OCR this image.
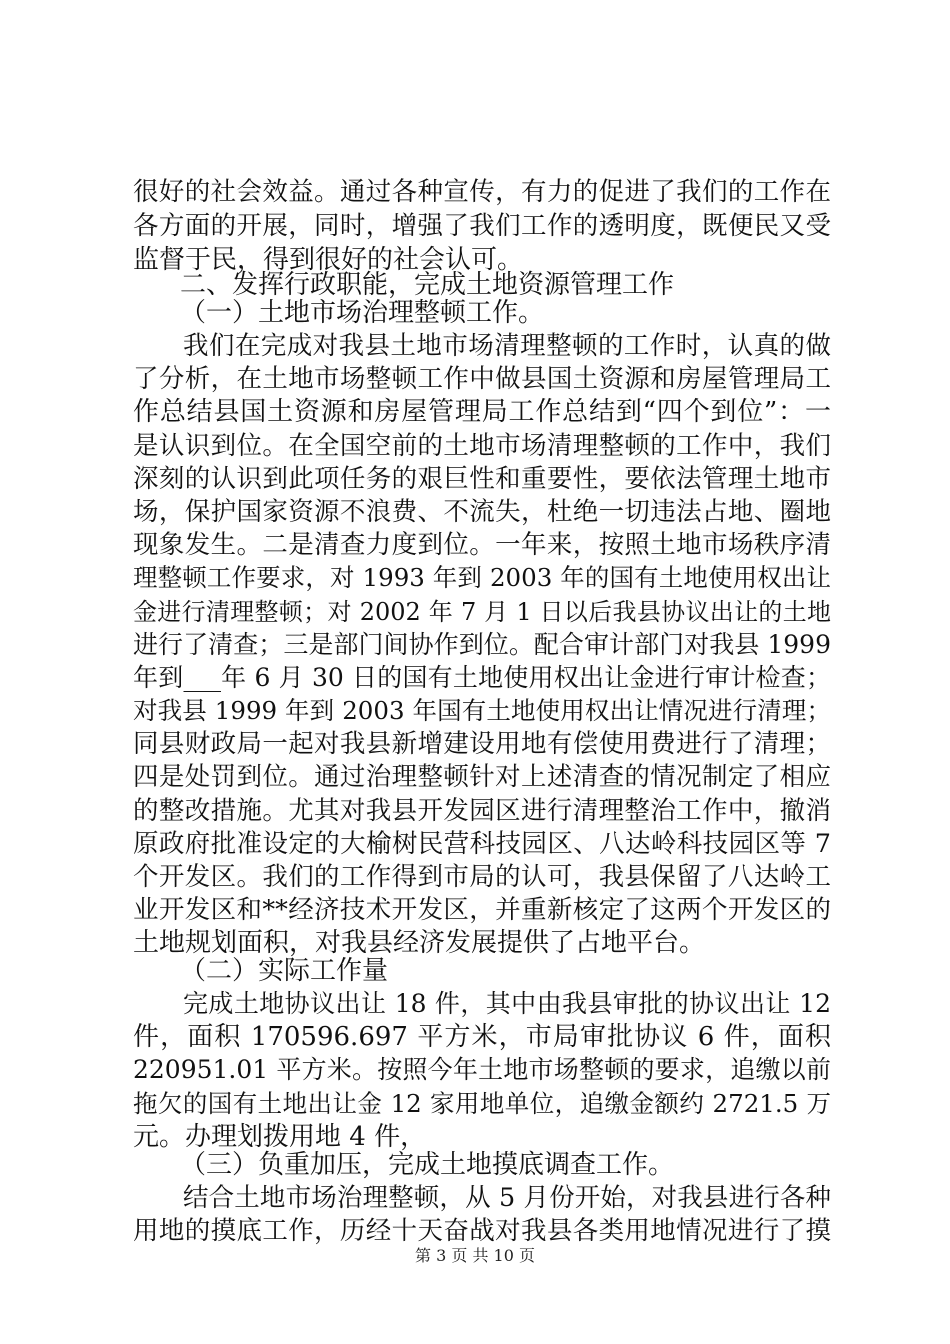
很好的社会效益。通过各种宣传，有力的促进了我们的工作在
各方面的开展，同时，增强了我们工作的透明度，既便民又受
监督于民，得到很好的社会认可。
二、发挥行政职能，完成土地资源管理工作
（一）土地市场治理整顿工作。
我们在完成对我县土地市场清理整顿的工作时，认真的做
了分析，在土地市场整顿工作中做县国土资源和房屋管理局工
作总结县国土资源和房屋管理局工作总结到“四个到位”：一
是认识到位。在全国空前的土地市场清理整顿的工作中，我们
深刻的认识到此项任务的艰巨性和重要性，要依法管理土地市
场，保护国家资源不浪费、不流失，杜绝一切违法占地、圈地
现象发生。二是清查力度到位。一年来，按照土地市场秩序清
理整顿工作要求，对 1993 年到 2003 年的国有土地使用权出让
金进行清理整顿；对 2002 年 7 月 1 日以后我县协议出让的土地
进行了清查；三是部门间协作到位。配合审计部门对我县 1999
年到___年 6 月 30 日的国有土地使用权出让金进行审计检查；
对我县 1999 年到 2003 年国有土地使用权出让情况进行清理；
同县财政局一起对我县新增建设用地有偿使用费进行了清理；
四是处罚到位。通过治理整顿针对上述清查的情况制定了相应
的整改措施。尤其对我县开发园区进行清理整治工作中，撤消
原政府批准设定的大榆树民营科技园区、八达岭科技园区等 7
个开发区。我们的工作得到市局的认可，我县保留了八达岭工
业开发区和**经济技术开发区，并重新核定了这两个开发区的
土地规划面积，对我县经济发展提供了占地平台。
（二）实际工作量
完成土地协议出让 18 件，其中由我县审批的协议出让 12
件，面积 170596.697 平方米，市局审批协议 6 件，面积
220951.01 平方米。按照今年土地市场整顿的要求，追缴以前
拖欠的国有土地出让金 12 家用地单位，追缴金额约 2721.5 万
元。办理划拨用地 4 件，
（三）负重加压，完成土地摸底调查工作。
结合土地市场治理整顿，从 5 月份开始，对我县进行各种
用地的摸底工作，历经十天奋战对我县各类用地情况进行了摸
第 3 页 共 10 页
